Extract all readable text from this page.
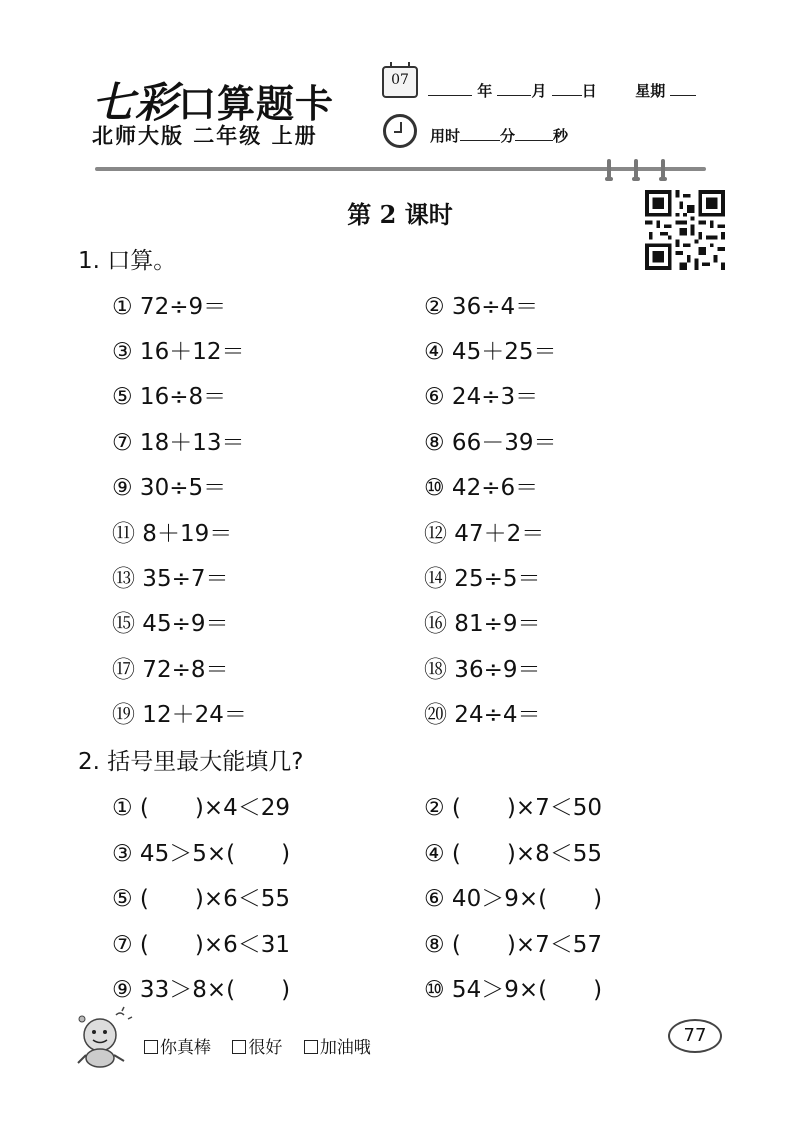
七彩口算题卡
北师大版 二年级 上册
07
年	月 日	星期
用时	分	秒
第 2 课时
1. 口算。
① 72÷9＝	② 36÷4＝
③ 16＋12＝	④ 45＋25＝
⑤ 16÷8＝	⑥ 24÷3＝
⑦ 18＋13＝	⑧ 66－39＝
⑨ 30÷5＝	⑩ 42÷6＝
⑪ 8＋19＝	⑫ 47＋2＝
⑬ 35÷7＝	⑭ 25÷5＝
⑮ 45÷9＝	⑯ 81÷9＝
⑰ 72÷8＝	⑱ 36÷9＝
⑲ 12＋24＝	⑳ 24÷4＝
2. 括号里最大能填几?
① (　　)×4＜29	② (　　)×7＜50
③ 45＞5×(　　)	④ (　　)×8＜55
⑤ (　　)×6＜55	⑥ 40＞9×(　　)
⑦ (　　)×6＜31	⑧ (　　)×7＜57
⑨ 33＞8×(　　)	⑩ 54＞9×(　　)
你真棒 很好 加油哦
77
